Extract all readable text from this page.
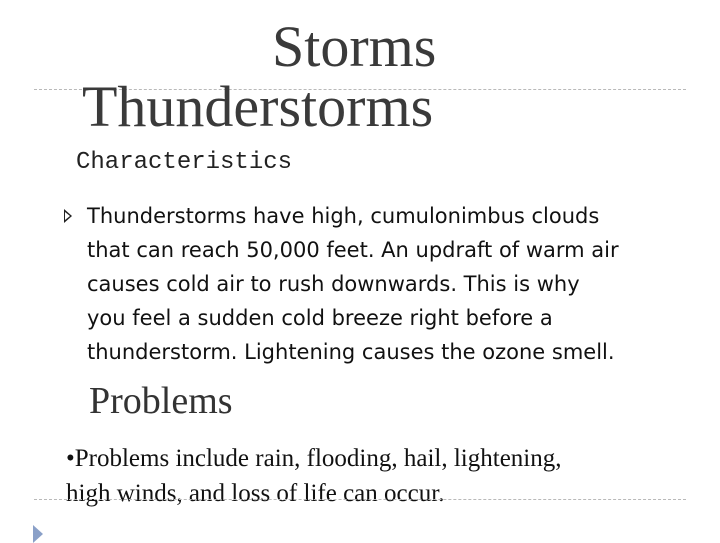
Storms
Thunderstorms
Characteristics
Thunderstorms have high, cumulonimbus clouds
that can reach 50,000 feet. An updraft of warm air
causes cold air to rush downwards. This is why
you feel a sudden cold breeze right before a
thunderstorm. Lightening causes the ozone smell.
Problems
•Problems include rain, flooding, hail, lightening,
high winds, and loss of life can occur.
